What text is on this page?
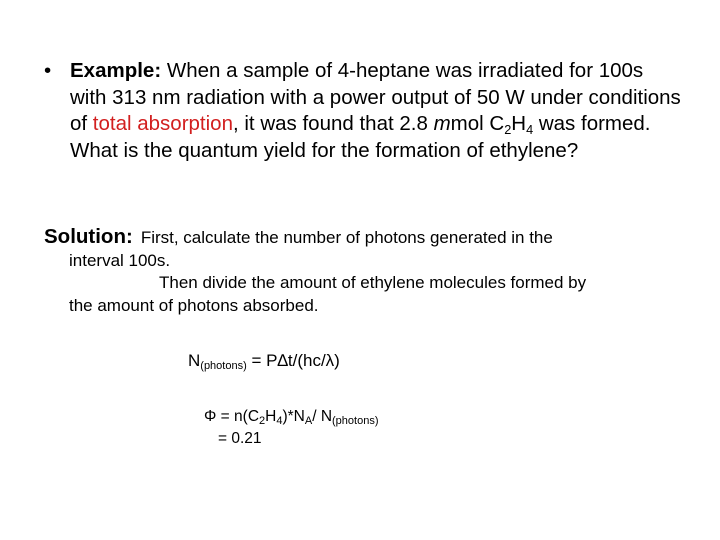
• Example: When a sample of 4-heptane was irradiated for 100s with 313 nm radiation with a power output of 50 W under conditions of total absorption, it was found that 2.8 mmol $C_2H_4$ was formed. What is the quantum yield for the formation of ethylene?
Solution: First, calculate the number of photons generated in the
interval 100s.
Then divide the amount of ethylene molecules formed by
the amount of photons absorbed.
N(photons) = P∆t/(hc/λ)
Φ = n(C2H4)*NA/ N(photons)
= 0.21
